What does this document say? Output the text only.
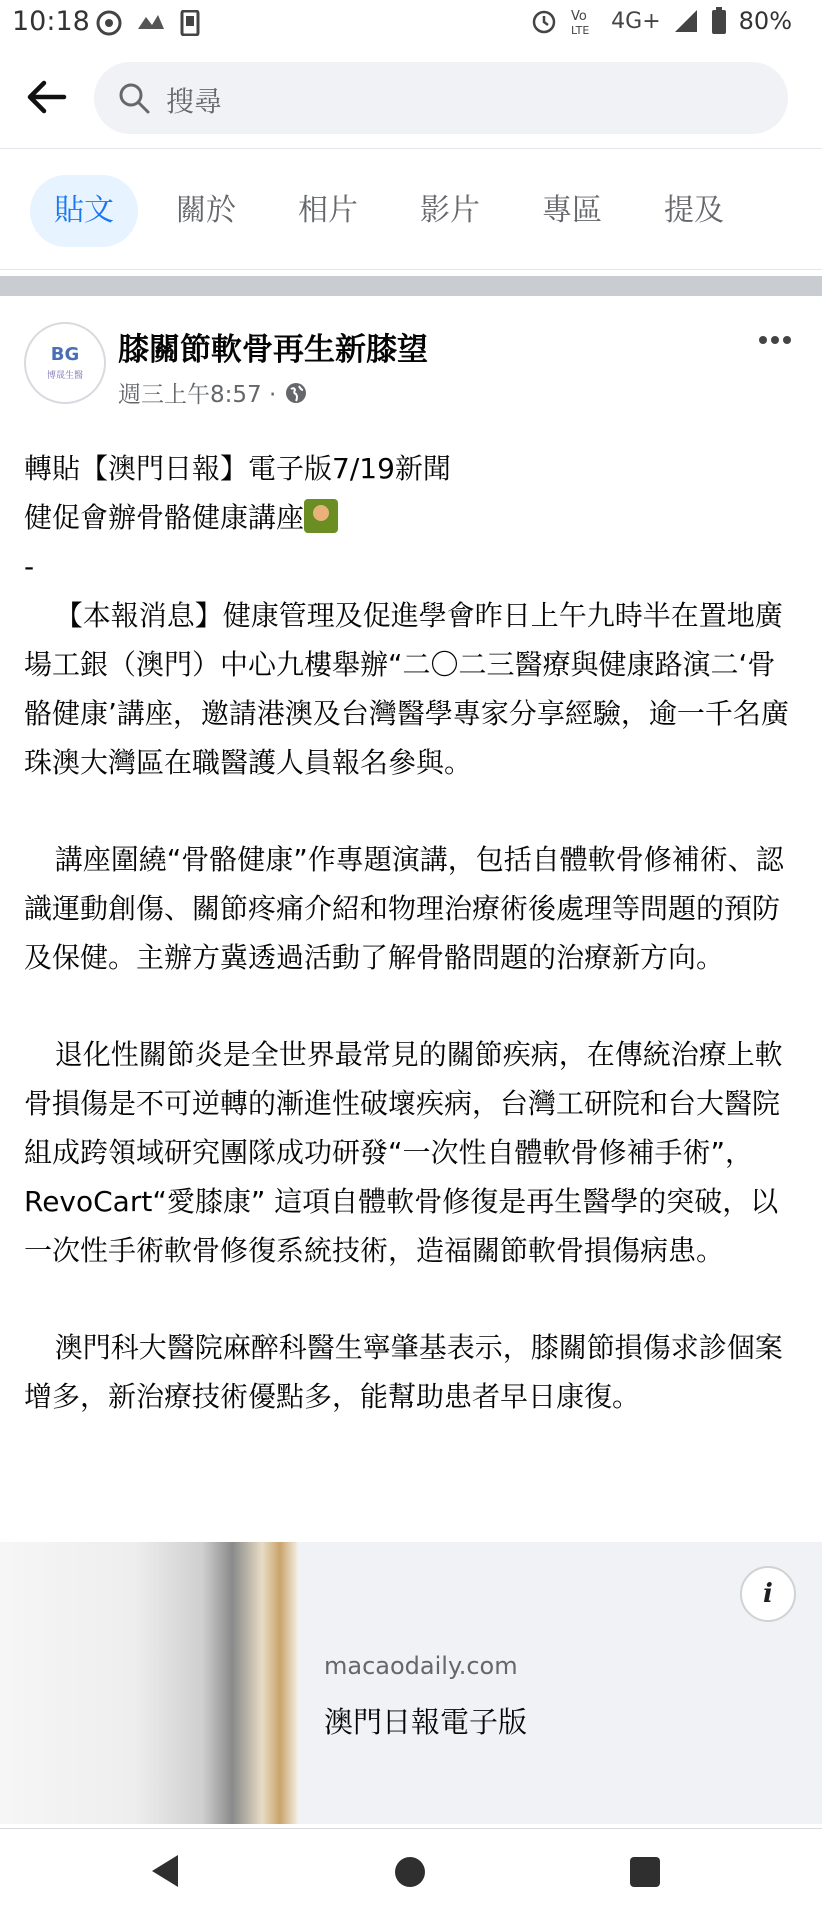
10:18	Vo
LTE 4G+	80%
搜尋
貼文	關於	相片	影片	專區	提及
BG
博晟生醫
膝關節軟骨再生新膝望
週三上午8:57 ·

轉貼【澳門日報】電子版7/19新聞

健促會辦骨骼健康講座

-

【本報消息】健康管理及促進學會昨日上午九時半在置地廣場工銀（澳門）中心九樓舉辦“二〇二三醫療與健康路演二‘骨骼健康’講座，邀請港澳及台灣醫學專家分享經驗，逾一千名廣珠澳大灣區在職醫護人員報名參與。

講座圍繞“骨骼健康”作專題演講，包括自體軟骨修補術、認識運動創傷、關節疼痛介紹和物理治療術後處理等問題的預防及保健。主辦方冀透過活動了解骨骼問題的治療新方向。

退化性關節炎是全世界最常見的關節疾病，在傳統治療上軟骨損傷是不可逆轉的漸進性破壞疾病，台灣工研院和台大醫院組成跨領域研究團隊成功研發“一次性自體軟骨修補手術”，RevoCart“愛膝康” 這項自體軟骨修復是再生醫學的突破，以一次性手術軟骨修復系統技術，造福關節軟骨損傷病患。

澳門科大醫院麻醉科醫生寧肇基表示，膝關節損傷求診個案增多，新治療技術優點多，能幫助患者早日康復。

macaodaily.com
澳門日報電子版
i
